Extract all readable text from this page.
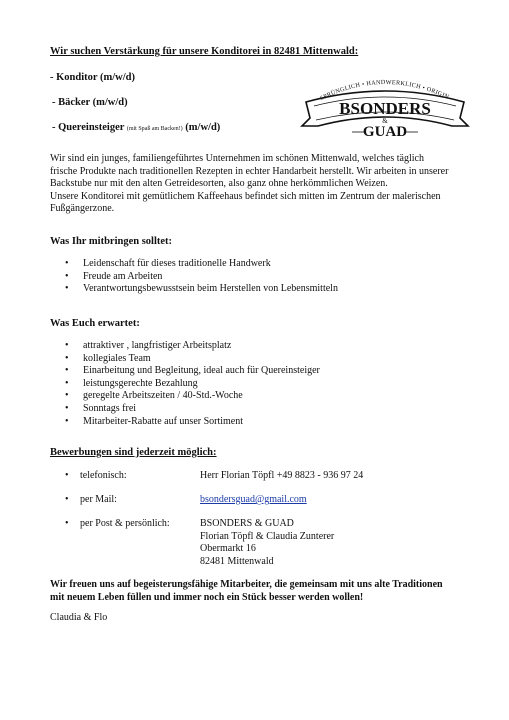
Wir suchen Verstärkung für unsere Konditorei in 82481 Mittenwald:
- Konditor (m/w/d)
- Bäcker (m/w/d)
- Quereinsteiger (mit Spaß am Backen!) (m/w/d)
SPRÜNGLICH • HANDWERKLICH • ORIGIN
BSONDERS
&
GUAD
Wir sind ein junges, familiengeführtes Unternehmen im schönen Mittenwald, welches täglich
frische Produkte nach traditionellen Rezepten in echter Handarbeit herstellt. Wir arbeiten in unserer
Backstube nur mit den alten Getreidesorten, also ganz ohne herkömmlichen Weizen.
Unsere Konditorei mit gemütlichem Kaffeehaus befindet sich mitten im Zentrum der malerischen
Fußgängerzone.
Was Ihr mitbringen solltet:
• Leidenschaft für dieses traditionelle Handwerk
• Freude am Arbeiten
• Verantwortungsbewusstsein beim Herstellen von Lebensmitteln
Was Euch erwartet:
• attraktiver , langfristiger Arbeitsplatz
• kollegiales Team
• Einarbeitung und Begleitung, ideal auch für Quereinsteiger
• leistungsgerechte Bezahlung
• geregelte Arbeitszeiten / 40-Std.-Woche
• Sonntags frei
• Mitarbeiter-Rabatte auf unser Sortiment
Bewerbungen sind jederzeit möglich:
• telefonisch:	Herr Florian Töpfl +49 8823 - 936 97 24
• per Mail:	bsondersguad@gmail.com
• per Post & persönlich:	BSONDERS & GUAD
Florian Töpfl & Claudia Zunterer
Obermarkt 16
82481 Mittenwald
Wir freuen uns auf begeisterungsfähige Mitarbeiter, die gemeinsam mit uns alte Traditionen
mit neuem Leben füllen und immer noch ein Stück besser werden wollen!
Claudia & Flo
